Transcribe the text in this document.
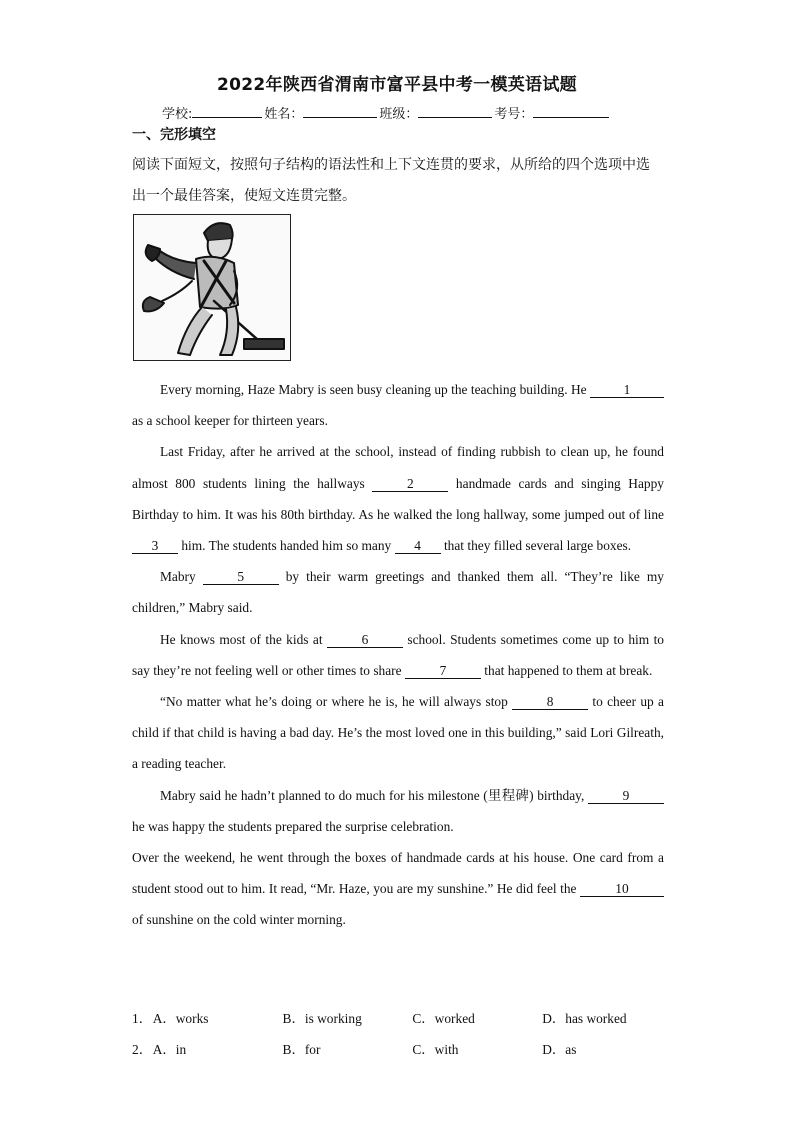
2022年陕西省渭南市富平县中考一模英语试题
学校:	姓名：	班级：	考号：
一、完形填空
阅读下面短文，按照句子结构的语法性和上下文连贯的要求，从所给的四个选项中选出一个最佳答案，使短文连贯完整。

Every morning, Haze Mabry is seen busy cleaning up the teaching building. He	1 as a school keeper for thirteen years.

Last Friday, after he arrived at the school, instead of finding rubbish to clean up, he found almost 800 students lining the hallways	2	handmade cards and singing Happy Birthday to him. It was his 80th birthday. As he walked the long hallway, some jumped out of line 3 him. The students handed him so many 4 that they filled several large boxes.

Mabry	5	by their warm greetings and thanked them all. “They’re like my children,” Mabry said.

He knows most of the kids at	6	school. Students sometimes come up to him to say they’re not feeling well or other times to share	7	that happened to them at break.

“No matter what he’s doing or where he is, he will always stop	8	to cheer up a child if that child is having a bad day. He’s the most loved one in this building,” said Lori Gilreath, a reading teacher.

Mabry said he hadn’t planned to do much for his milestone (里程碑) birthday,	9 he was happy the students prepared the surprise celebration.

Over the weekend, he went through the boxes of handmade cards at his house. One card from a student stood out to him. It read, “Mr. Haze, you are my sunshine.” He did feel the	10 of sunshine on the cold winter morning.

1． A．works	B．is working	C．worked	D．has worked
2． A．in	B．for	C．with	D．as
